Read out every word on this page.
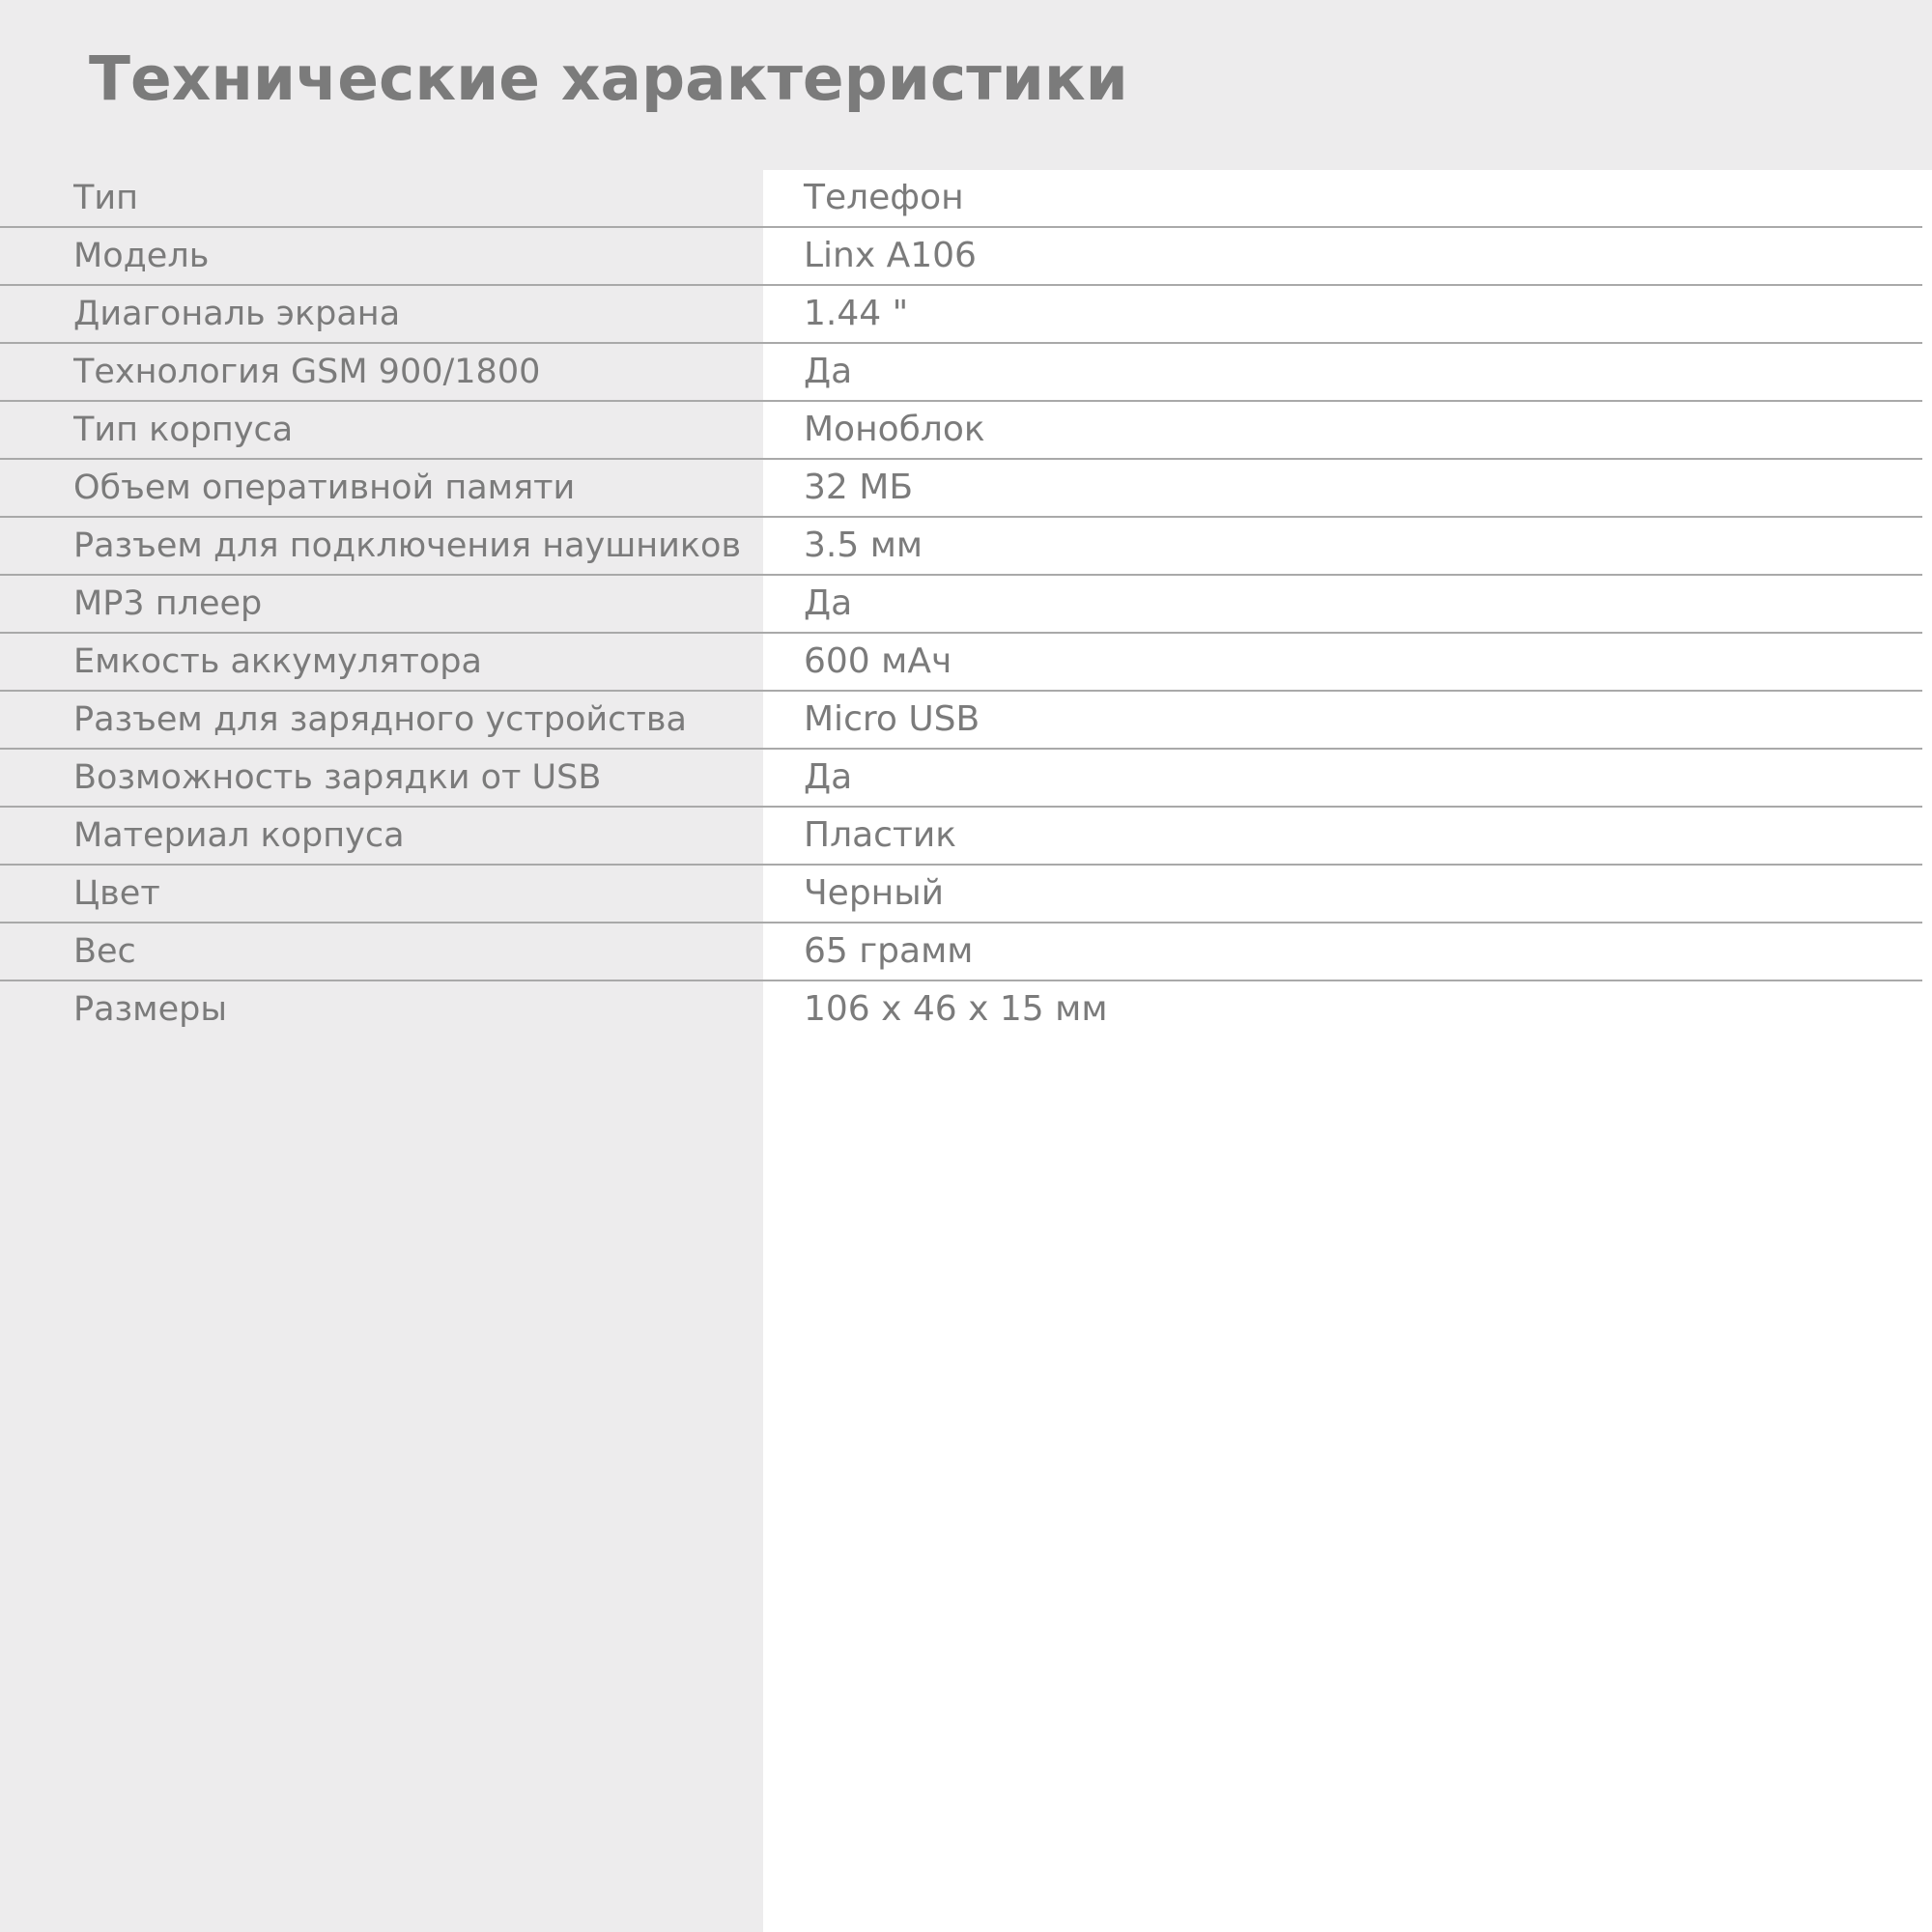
Технические характеристики
Тип	Телефон
Модель	Linx A106
Диагональ экрана	1.44 "
Технология GSM 900/1800	Да
Тип корпуса	Моноблок
Объем оперативной памяти	32 МБ
Разъем для подключения наушников	3.5 мм
MP3 плеер	Да
Емкость аккумулятора	600 мАч
Разъем для зарядного устройства	Micro USB
Возможность зарядки от USB	Да
Материал корпуса	Пластик
Цвет	Черный
Вес	65 грамм
Размеры	106 x 46 x 15 мм
